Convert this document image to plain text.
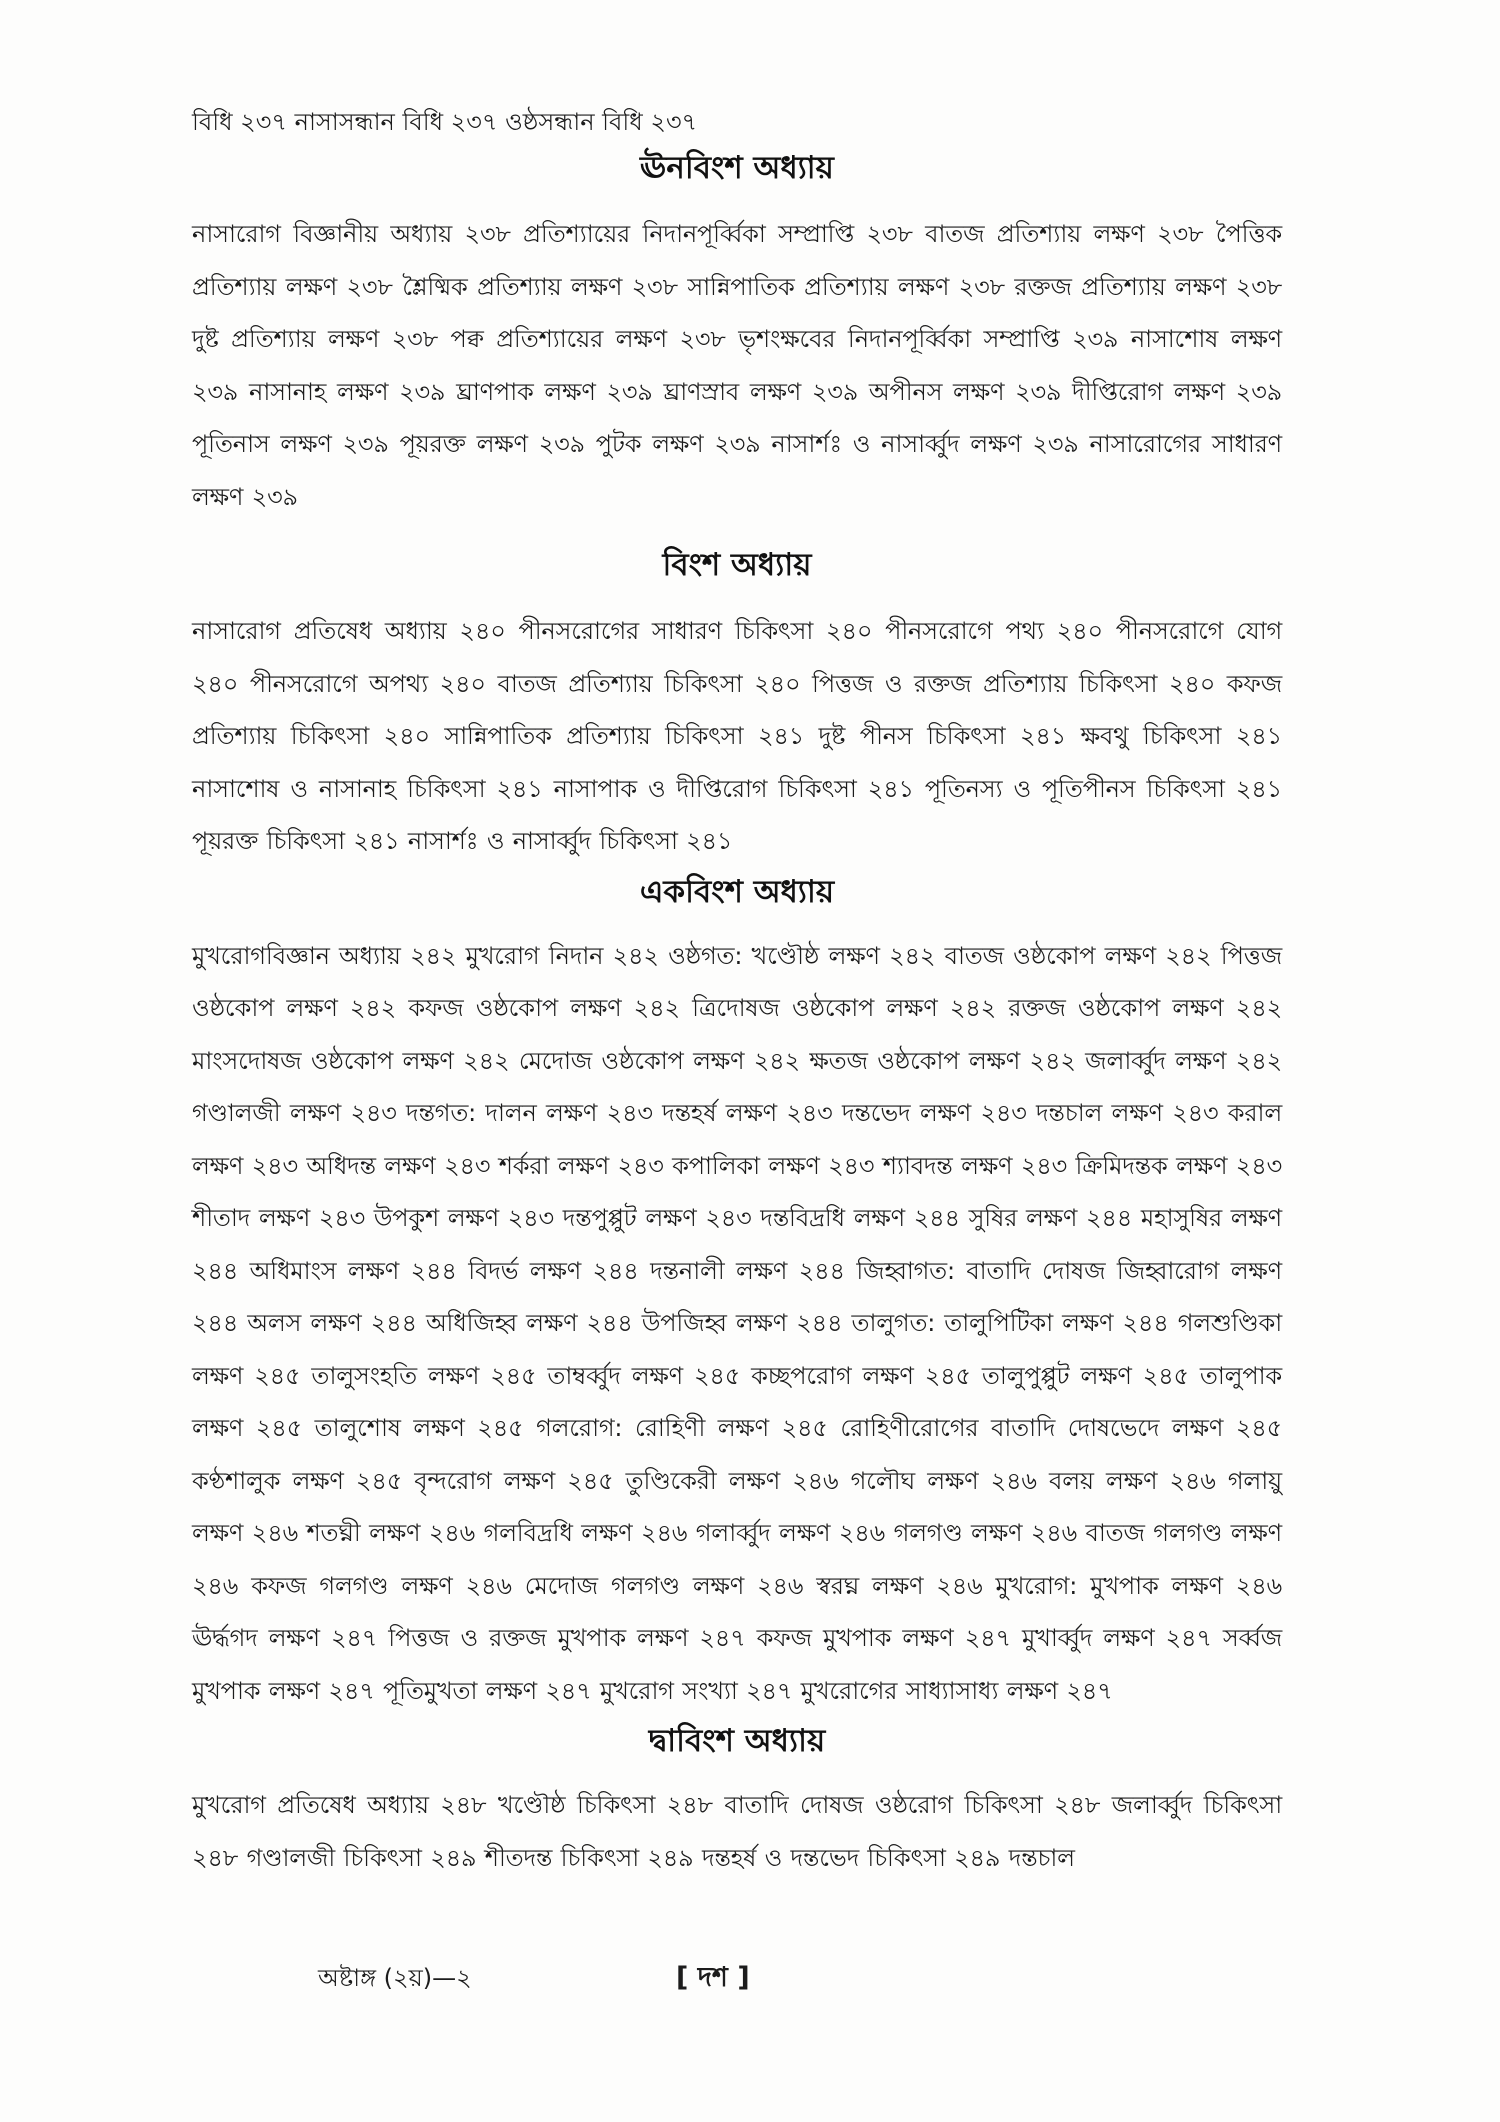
বিধি ২৩৭ নাসাসন্ধান বিধি ২৩৭ ওষ্ঠসন্ধান বিধি ২৩৭

ঊনবিংশ অধ্যায়

নাসারোগ বিজ্ঞানীয় অধ্যায় ২৩৮ প্রতিশ্যায়ের নিদানপূর্ব্বিকা সম্প্রাপ্তি ২৩৮ বাতজ প্রতিশ্যায় লক্ষণ ২৩৮ পৈত্তিক প্রতিশ্যায় লক্ষণ ২৩৮ শ্লৈষ্মিক প্রতিশ্যায় লক্ষণ ২৩৮ সান্নিপাতিক প্রতিশ্যায় লক্ষণ ২৩৮ রক্তজ প্রতিশ্যায় লক্ষণ ২৩৮ দুষ্ট প্রতিশ্যায় লক্ষণ ২৩৮ পক্ব প্রতিশ্যায়ের লক্ষণ ২৩৮ ভৃশংক্ষবের নিদানপূর্ব্বিকা সম্প্রাপ্তি ২৩৯ নাসাশোষ লক্ষণ ২৩৯ নাসানাহ লক্ষণ ২৩৯ ঘ্রাণপাক লক্ষণ ২৩৯ ঘ্রাণস্রাব লক্ষণ ২৩৯ অপীনস লক্ষণ ২৩৯ দীপ্তিরোগ লক্ষণ ২৩৯ পূতিনাস লক্ষণ ২৩৯ পূয়রক্ত লক্ষণ ২৩৯ পুটক লক্ষণ ২৩৯ নাসার্শঃ ও নাসার্ব্বুদ লক্ষণ ২৩৯ নাসারোগের সাধারণ লক্ষণ ২৩৯

বিংশ অধ্যায়

নাসারোগ প্রতিষেধ অধ্যায় ২৪০ পীনসরোগের সাধারণ চিকিৎসা ২৪০ পীনসরোগে পথ্য ২৪০ পীনসরোগে যোগ ২৪০ পীনসরোগে অপথ্য ২৪০ বাতজ প্রতিশ্যায় চিকিৎসা ২৪০ পিত্তজ ও রক্তজ প্রতিশ্যায় চিকিৎসা ২৪০ কফজ প্রতিশ্যায় চিকিৎসা ২৪০ সান্নিপাতিক প্রতিশ্যায় চিকিৎসা ২৪১ দুষ্ট পীনস চিকিৎসা ২৪১ ক্ষবথু চিকিৎসা ২৪১ নাসাশোষ ও নাসানাহ চিকিৎসা ২৪১ নাসাপাক ও দীপ্তিরোগ চিকিৎসা ২৪১ পূতিনস্য ও পূতিপীনস চিকিৎসা ২৪১ পূয়রক্ত চিকিৎসা ২৪১ নাসার্শঃ ও নাসার্ব্বুদ চিকিৎসা ২৪১

একবিংশ অধ্যায়

মুখরোগবিজ্ঞান অধ্যায় ২৪২ মুখরোগ নিদান ২৪২ ওষ্ঠগত: খণ্ডৌষ্ঠ লক্ষণ ২৪২ বাতজ ওষ্ঠকোপ লক্ষণ ২৪২ পিত্তজ ওষ্ঠকোপ লক্ষণ ২৪২ কফজ ওষ্ঠকোপ লক্ষণ ২৪২ ত্রিদোষজ ওষ্ঠকোপ লক্ষণ ২৪২ রক্তজ ওষ্ঠকোপ লক্ষণ ২৪২ মাংসদোষজ ওষ্ঠকোপ লক্ষণ ২৪২ মেদোজ ওষ্ঠকোপ লক্ষণ ২৪২ ক্ষতজ ওষ্ঠকোপ লক্ষণ ২৪২ জলার্ব্বুদ লক্ষণ ২৪২ গণ্ডালজী লক্ষণ ২৪৩ দন্তগত: দালন লক্ষণ ২৪৩ দন্তহর্ষ লক্ষণ ২৪৩ দন্তভেদ লক্ষণ ২৪৩ দন্তচাল লক্ষণ ২৪৩ করাল লক্ষণ ২৪৩ অধিদন্ত লক্ষণ ২৪৩ শর্করা লক্ষণ ২৪৩ কপালিকা লক্ষণ ২৪৩ শ্যাবদন্ত লক্ষণ ২৪৩ ক্রিমিদন্তক লক্ষণ ২৪৩ শীতাদ লক্ষণ ২৪৩ উপকুশ লক্ষণ ২৪৩ দন্তপুপ্পুট লক্ষণ ২৪৩ দন্তবিদ্রধি লক্ষণ ২৪৪ সুষির লক্ষণ ২৪৪ মহাসুষির লক্ষণ ২৪৪ অধিমাংস লক্ষণ ২৪৪ বিদর্ভ লক্ষণ ২৪৪ দন্তনালী লক্ষণ ২৪৪ জিহ্বাগত: বাতাদি দোষজ জিহ্বারোগ লক্ষণ ২৪৪ অলস লক্ষণ ২৪৪ অধিজিহ্ব লক্ষণ ২৪৪ উপজিহ্ব লক্ষণ ২৪৪ তালুগত: তালুপিটিকা লক্ষণ ২৪৪ গলশুণ্ডিকা লক্ষণ ২৪৫ তালুসংহতি লক্ষণ ২৪৫ তাম্বর্ব্বুদ লক্ষণ ২৪৫ কচ্ছপরোগ লক্ষণ ২৪৫ তালুপুপ্পুট লক্ষণ ২৪৫ তালুপাক লক্ষণ ২৪৫ তালুশোষ লক্ষণ ২৪৫ গলরোগ: রোহিণী লক্ষণ ২৪৫ রোহিণীরোগের বাতাদি দোষভেদে লক্ষণ ২৪৫ কণ্ঠশালুক লক্ষণ ২৪৫ বৃন্দরোগ লক্ষণ ২৪৫ তুণ্ডিকেরী লক্ষণ ২৪৬ গলৌঘ লক্ষণ ২৪৬ বলয় লক্ষণ ২৪৬ গলায়ু লক্ষণ ২৪৬ শতঘ্নী লক্ষণ ২৪৬ গলবিদ্রধি লক্ষণ ২৪৬ গলার্ব্বুদ লক্ষণ ২৪৬ গলগণ্ড লক্ষণ ২৪৬ বাতজ গলগণ্ড লক্ষণ ২৪৬ কফজ গলগণ্ড লক্ষণ ২৪৬ মেদোজ গলগণ্ড লক্ষণ ২৪৬ স্বরঘ্ন লক্ষণ ২৪৬ মুখরোগ: মুখপাক লক্ষণ ২৪৬ ঊর্দ্ধগদ লক্ষণ ২৪৭ পিত্তজ ও রক্তজ মুখপাক লক্ষণ ২৪৭ কফজ মুখপাক লক্ষণ ২৪৭ মুখার্ব্বুদ লক্ষণ ২৪৭ সর্ব্বজ মুখপাক লক্ষণ ২৪৭ পূতিমুখতা লক্ষণ ২৪৭ মুখরোগ সংখ্যা ২৪৭ মুখরোগের সাধ্যাসাধ্য লক্ষণ ২৪৭

দ্বাবিংশ অধ্যায়

মুখরোগ প্রতিষেধ অধ্যায় ২৪৮ খণ্ডৌষ্ঠ চিকিৎসা ২৪৮ বাতাদি দোষজ ওষ্ঠরোগ চিকিৎসা ২৪৮ জলার্ব্বুদ চিকিৎসা ২৪৮ গণ্ডালজী চিকিৎসা ২৪৯ শীতদন্ত চিকিৎসা ২৪৯ দন্তহর্ষ ও দন্তভেদ চিকিৎসা ২৪৯ দন্তচাল

অষ্টাঙ্গ (২য়)—২	[ দশ ]
